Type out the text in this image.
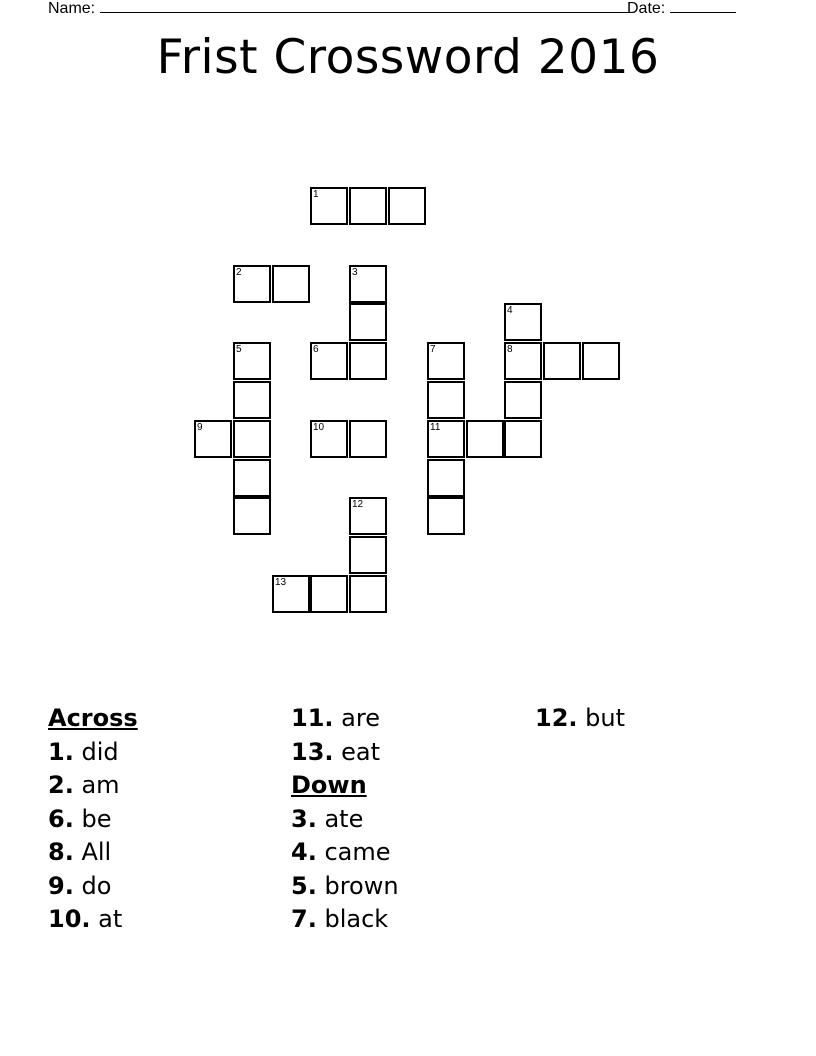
Name:	Date:
Frist Crossword 2016
1
2	3
4
8
5	6	7
11
9	10
12
13
Across
1. did
2. am
6. be
8. All
9. do
10. at
11. are
13. eat
Down
3. ate
4. came
5. brown
7. black
12. but
